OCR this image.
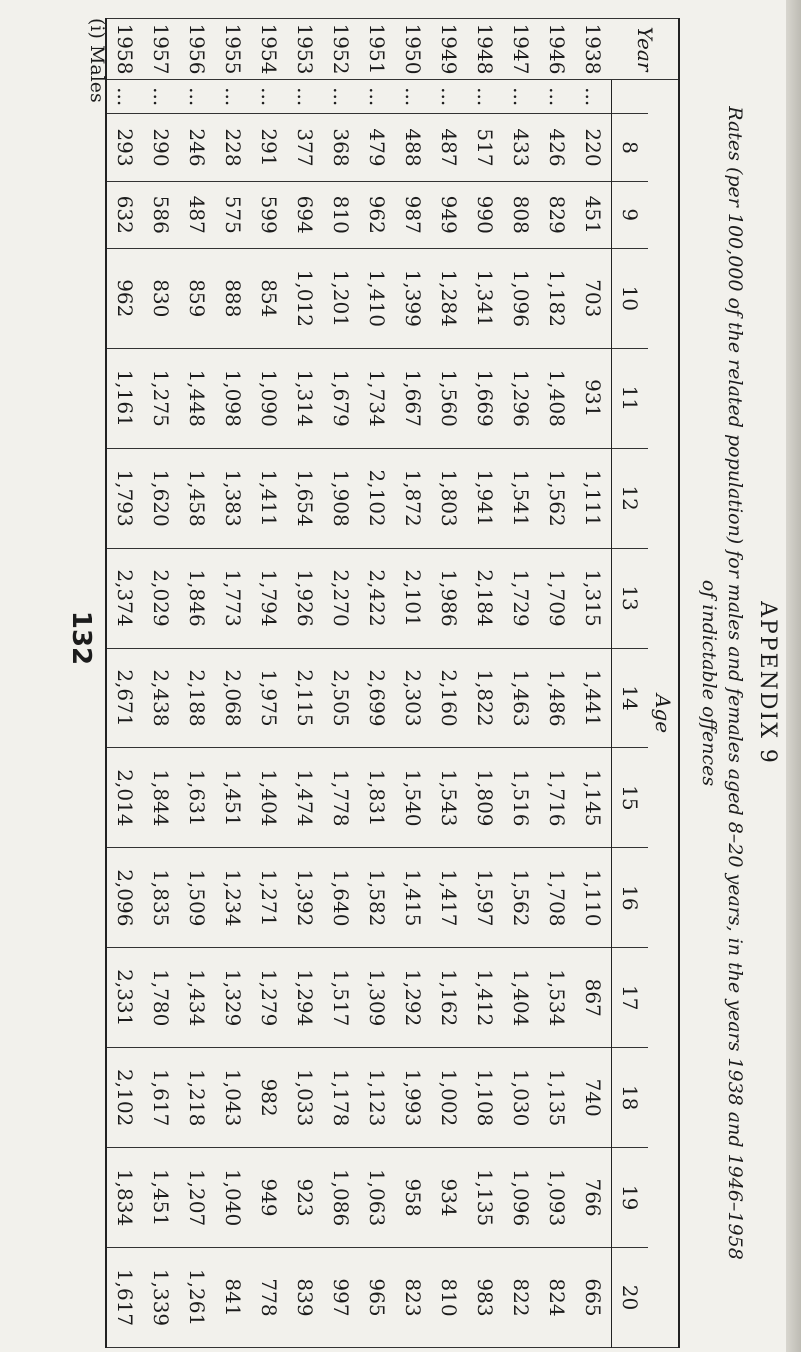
132	APPENDIX 9
Rates (per 100,000 of the related population) for males and females aged 8–20 years, in the years 1938 and 1946–1958
of indictable offences
Year	Age													
		8	9	10	11	12	13	14	15	16	17	18	19	20
1938	...	220	451	703	931	1,111	1,315	1,441	1,145	1,110	867	740	766	665
1946	...	426	829	1,182	1,408	1,562	1,709	1,486	1,716	1,708	1,534	1,135	1,093	824
1947	...	433	808	1,096	1,296	1,541	1,729	1,463	1,516	1,562	1,404	1,030	1,096	822
1948	...	517	990	1,341	1,669	1,941	2,184	1,822	1,809	1,597	1,412	1,108	1,135	983
1949	...	487	949	1,284	1,560	1,803	1,986	2,160	1,543	1,417	1,162	1,002	934	810
1950	...	488	987	1,399	1,667	1,872	2,101	2,303	1,540	1,415	1,292	1,993	958	823
1951	...	479	962	1,410	1,734	2,102	2,422	2,699	1,831	1,582	1,309	1,123	1,063	965
1952	...	368	810	1,201	1,679	1,908	2,270	2,505	1,778	1,640	1,517	1,178	1,086	997
1953	...	377	694	1,012	1,314	1,654	1,926	2,115	1,474	1,392	1,294	1,033	923	839
1954	...	291	599	854	1,090	1,411	1,794	1,975	1,404	1,271	1,279	982	949	778
1955	...	228	575	888	1,098	1,383	1,773	2,068	1,451	1,234	1,329	1,043	1,040	841
1956	...	246	487	859	1,448	1,458	1,846	2,188	1,631	1,509	1,434	1,218	1,207	1,261
1957	...	290	586	830	1,275	1,620	2,029	2,438	1,844	1,835	1,780	1,617	1,451	1,339
1958	...	293	632	962	1,161	1,793	2,374	2,671	2,014	2,096	2,331	2,102	1,834	1,617
(i) Males
